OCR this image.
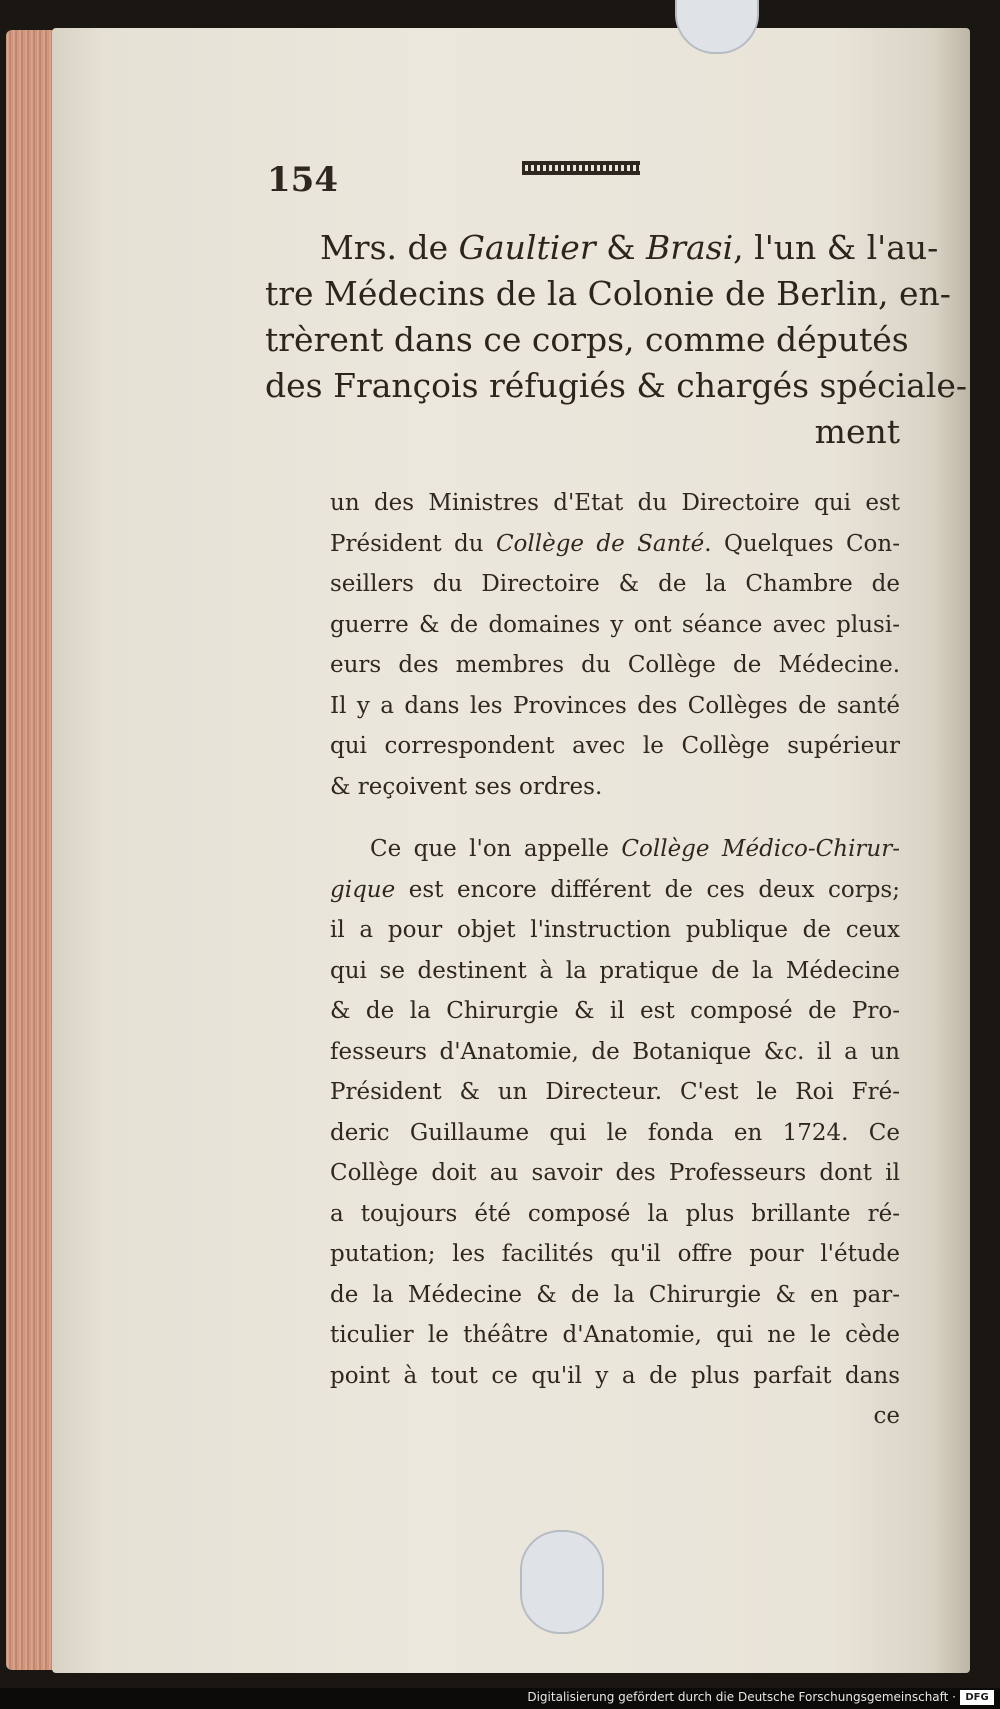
154
Mrs. de Gaultier & Brasi, l'un & l'au-
tre Médecins de la Colonie de Berlin, en-
trèrent dans ce corps, comme députés
des François réfugiés & chargés spéciale-
ment
un des Ministres d'Etat du Directoire qui est
Président du Collège de Santé. Quelques Con-
seillers du Directoire & de la Chambre de
guerre & de domaines y ont séance avec plusi-
eurs des membres du Collège de Médecine.
Il y a dans les Provinces des Collèges de santé
qui correspondent avec le Collège supérieur
& reçoivent ses ordres.
Ce que l'on appelle Collège Médico-Chirur-
gique est encore différent de ces deux corps;
il a pour objet l'instruction publique de ceux
qui se destinent à la pratique de la Médecine
& de la Chirurgie & il est composé de Pro-
fesseurs d'Anatomie, de Botanique &c. il a un
Président & un Directeur. C'est le Roi Fré-
deric Guillaume qui le fonda en 1724. Ce
Collège doit au savoir des Professeurs dont il
a toujours été composé la plus brillante ré-
putation; les facilités qu'il offre pour l'étude
de la Médecine & de la Chirurgie & en par-
ticulier le théâtre d'Anatomie, qui ne le cède
point à tout ce qu'il y a de plus parfait dans
ce
Digitalisierung gefördert durch die Deutsche Forschungsgemeinschaft · DFG
